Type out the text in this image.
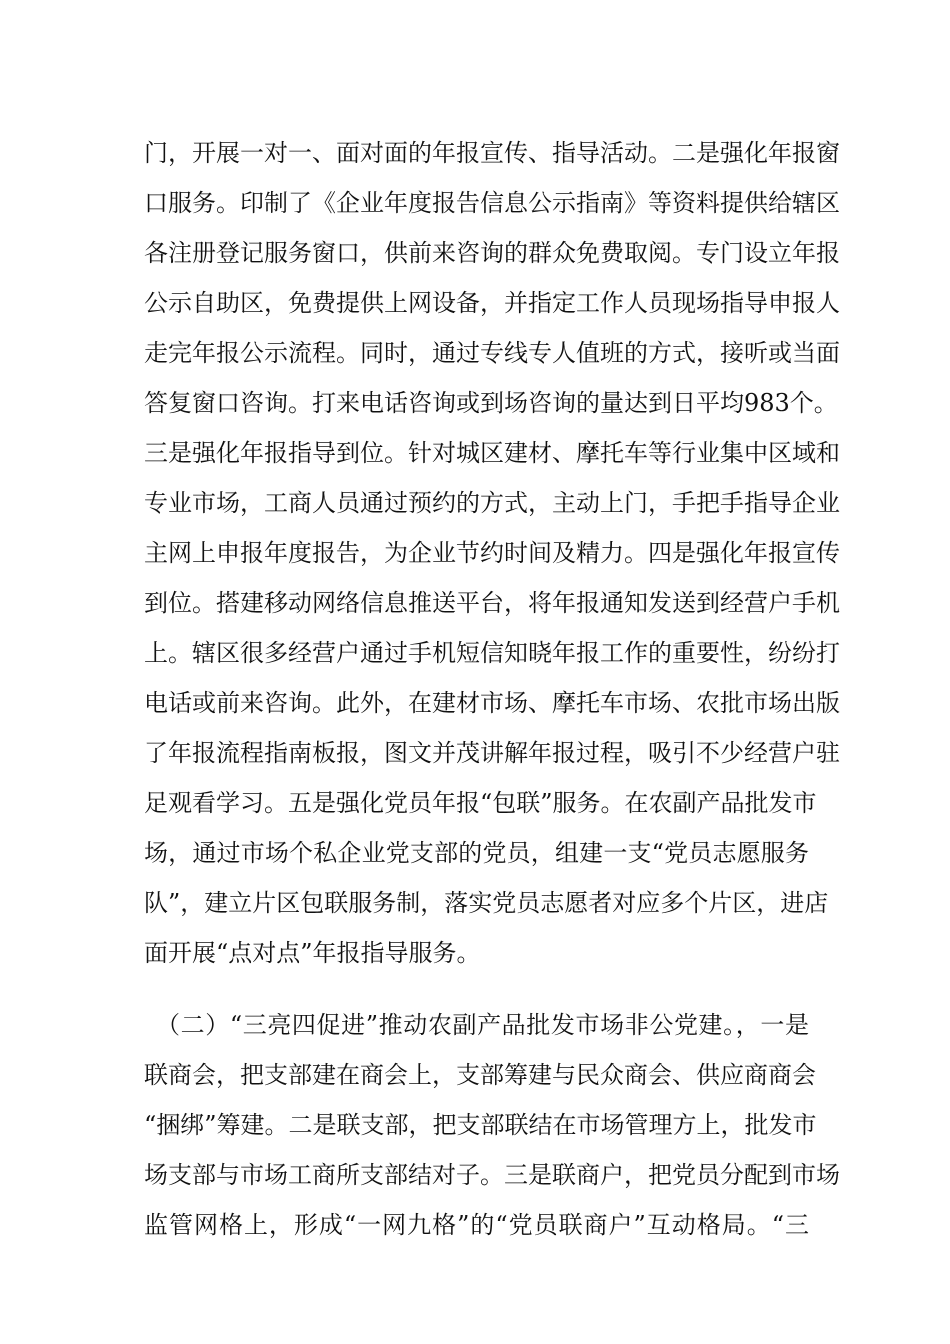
门，开展一对一、面对面的年报宣传、指导活动。二是强化年报窗
口服务。印制了《企业年度报告信息公示指南》等资料提供给辖区
各注册登记服务窗口，供前来咨询的群众免费取阅。专门设立年报
公示自助区，免费提供上网设备，并指定工作人员现场指导申报人
走完年报公示流程。同时，通过专线专人值班的方式，接听或当面
答复窗口咨询。打来电话咨询或到场咨询的量达到日平均983个。
三是强化年报指导到位。针对城区建材、摩托车等行业集中区域和
专业市场，工商人员通过预约的方式，主动上门，手把手指导企业
主网上申报年度报告，为企业节约时间及精力。四是强化年报宣传
到位。搭建移动网络信息推送平台，将年报通知发送到经营户手机
上。辖区很多经营户通过手机短信知晓年报工作的重要性，纷纷打
电话或前来咨询。此外，在建材市场、摩托车市场、农批市场出版
了年报流程指南板报，图文并茂讲解年报过程，吸引不少经营户驻
足观看学习。五是强化党员年报“包联”服务。在农副产品批发市
场，通过市场个私企业党支部的党员，组建一支“党员志愿服务
队”，建立片区包联服务制，落实党员志愿者对应多个片区，进店
面开展“点对点”年报指导服务。
（二）“三亮四促进”推动农副产品批发市场非公党建。，一是
联商会，把支部建在商会上，支部筹建与民众商会、供应商商会
“捆绑”筹建。二是联支部，把支部联结在市场管理方上，批发市
场支部与市场工商所支部结对子。三是联商户，把党员分配到市场
监管网格上，形成“一网九格”的“党员联商户”互动格局。“三
